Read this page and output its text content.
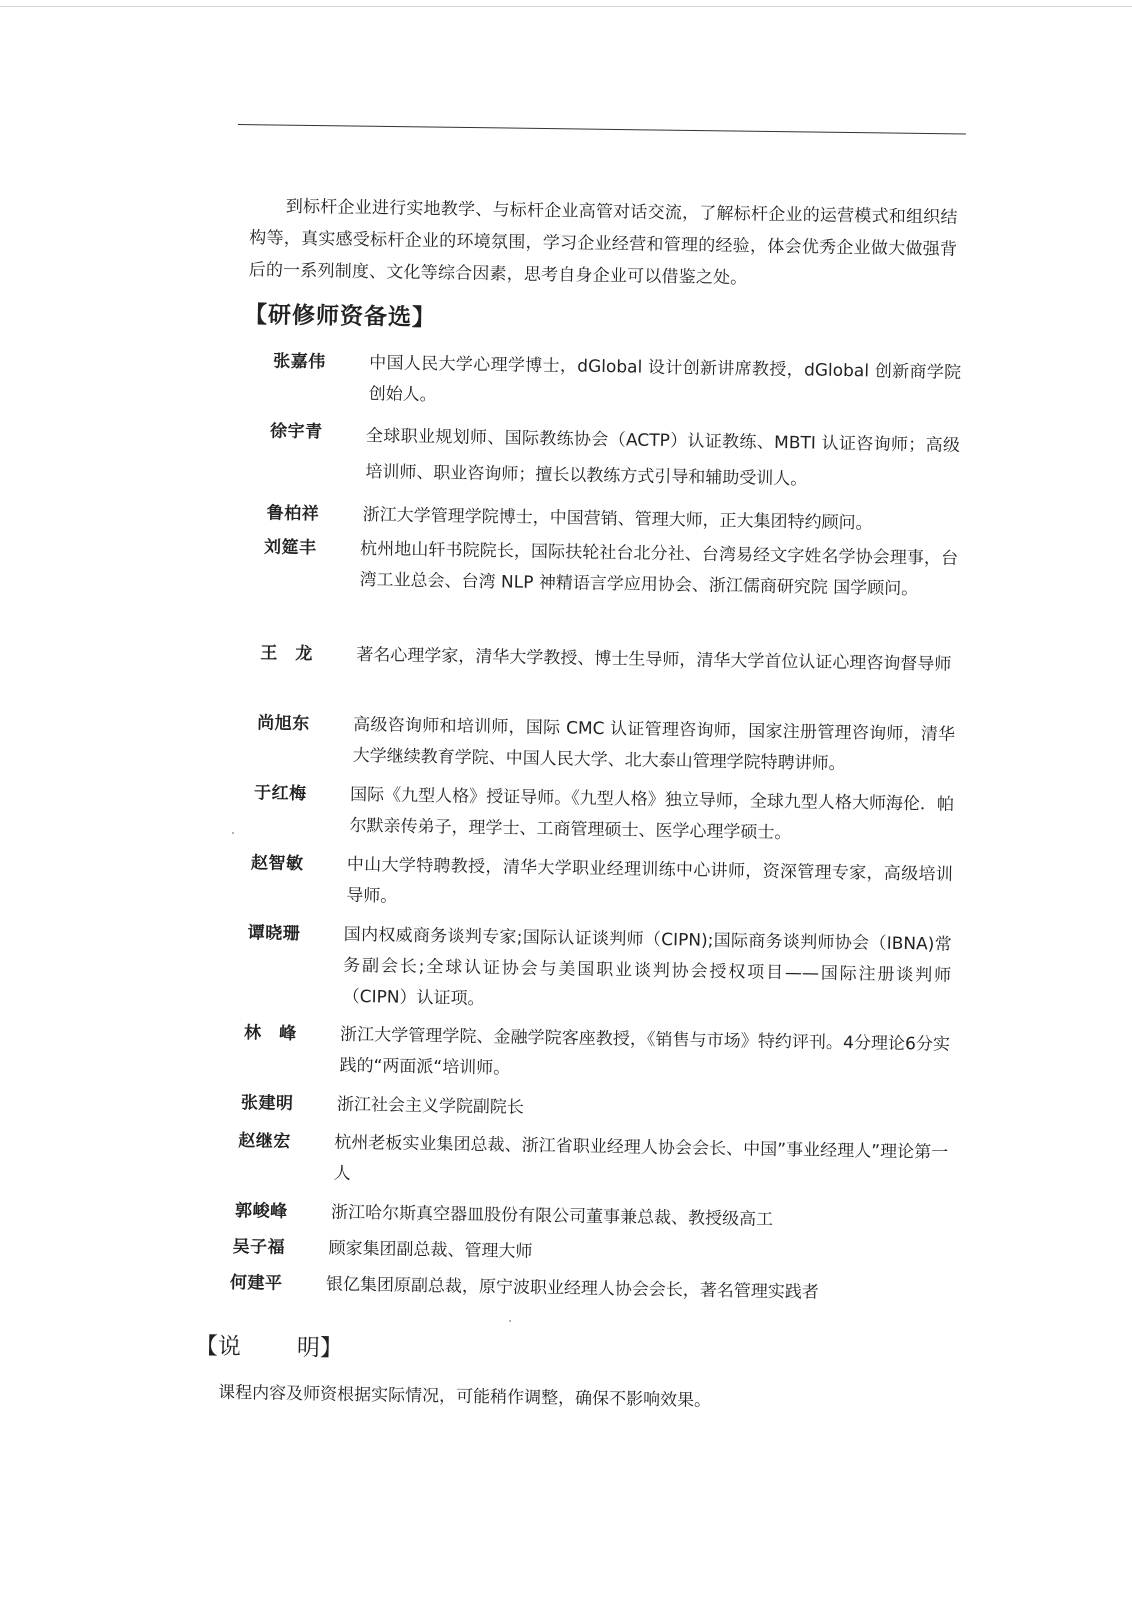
到标杆企业进行实地教学、与标杆企业高管对话交流，了解标杆企业的运营模式和组织结构等，真实感受标杆企业的环境氛围，学习企业经营和管理的经验，体会优秀企业做大做强背后的一系列制度、文化等综合因素，思考自身企业可以借鉴之处。

【研修师资备选】
张嘉伟	中国人民大学心理学博士，dGlobal 设计创新讲席教授，dGlobal 创新商学院创始人。
徐宇青	全球职业规划师、国际教练协会（ACTP）认证教练、MBTI 认证咨询师；高级培训师、职业咨询师；擅长以教练方式引导和辅助受训人。
鲁柏祥	浙江大学管理学院博士，中国营销、管理大师，正大集团特约顾问。
刘筵丰	杭州地山轩书院院长，国际扶轮社台北分社、台湾易经文字姓名学协会理事，台湾工业总会、台湾 NLP 神精语言学应用协会、浙江儒商研究院 国学顾问。
王　龙	著名心理学家，清华大学教授、博士生导师，清华大学首位认证心理咨询督导师
尚旭东	高级咨询师和培训师，国际 CMC 认证管理咨询师，国家注册管理咨询师，清华大学继续教育学院、中国人民大学、北大泰山管理学院特聘讲师。
于红梅	国际《九型人格》授证导师。《九型人格》独立导师，全球九型人格大师海伦．帕尔默亲传弟子，理学士、工商管理硕士、医学心理学硕士。
赵智敏	中山大学特聘教授，清华大学职业经理训练中心讲师，资深管理专家，高级培训导师。
谭晓珊	国内权威商务谈判专家;国际认证谈判师（CIPN);国际商务谈判师协会（IBNA)常务副会长;全球认证协会与美国职业谈判协会授权项目——国际注册谈判师（CIPN）认证项。
林　峰	浙江大学管理学院、金融学院客座教授，《销售与市场》特约评刊。4分理论6分实践的“两面派“培训师。
张建明	浙江社会主义学院副院长
赵继宏	杭州老板实业集团总裁、浙江省职业经理人协会会长、中国”事业经理人”理论第一人
郭峻峰	浙江哈尔斯真空器皿股份有限公司董事兼总裁、教授级高工
吴子福	顾家集团副总裁、管理大师
何建平	银亿集团原副总裁，原宁波职业经理人协会会长，著名管理实践者
【说 明】
课程内容及师资根据实际情况，可能稍作调整，确保不影响效果。
